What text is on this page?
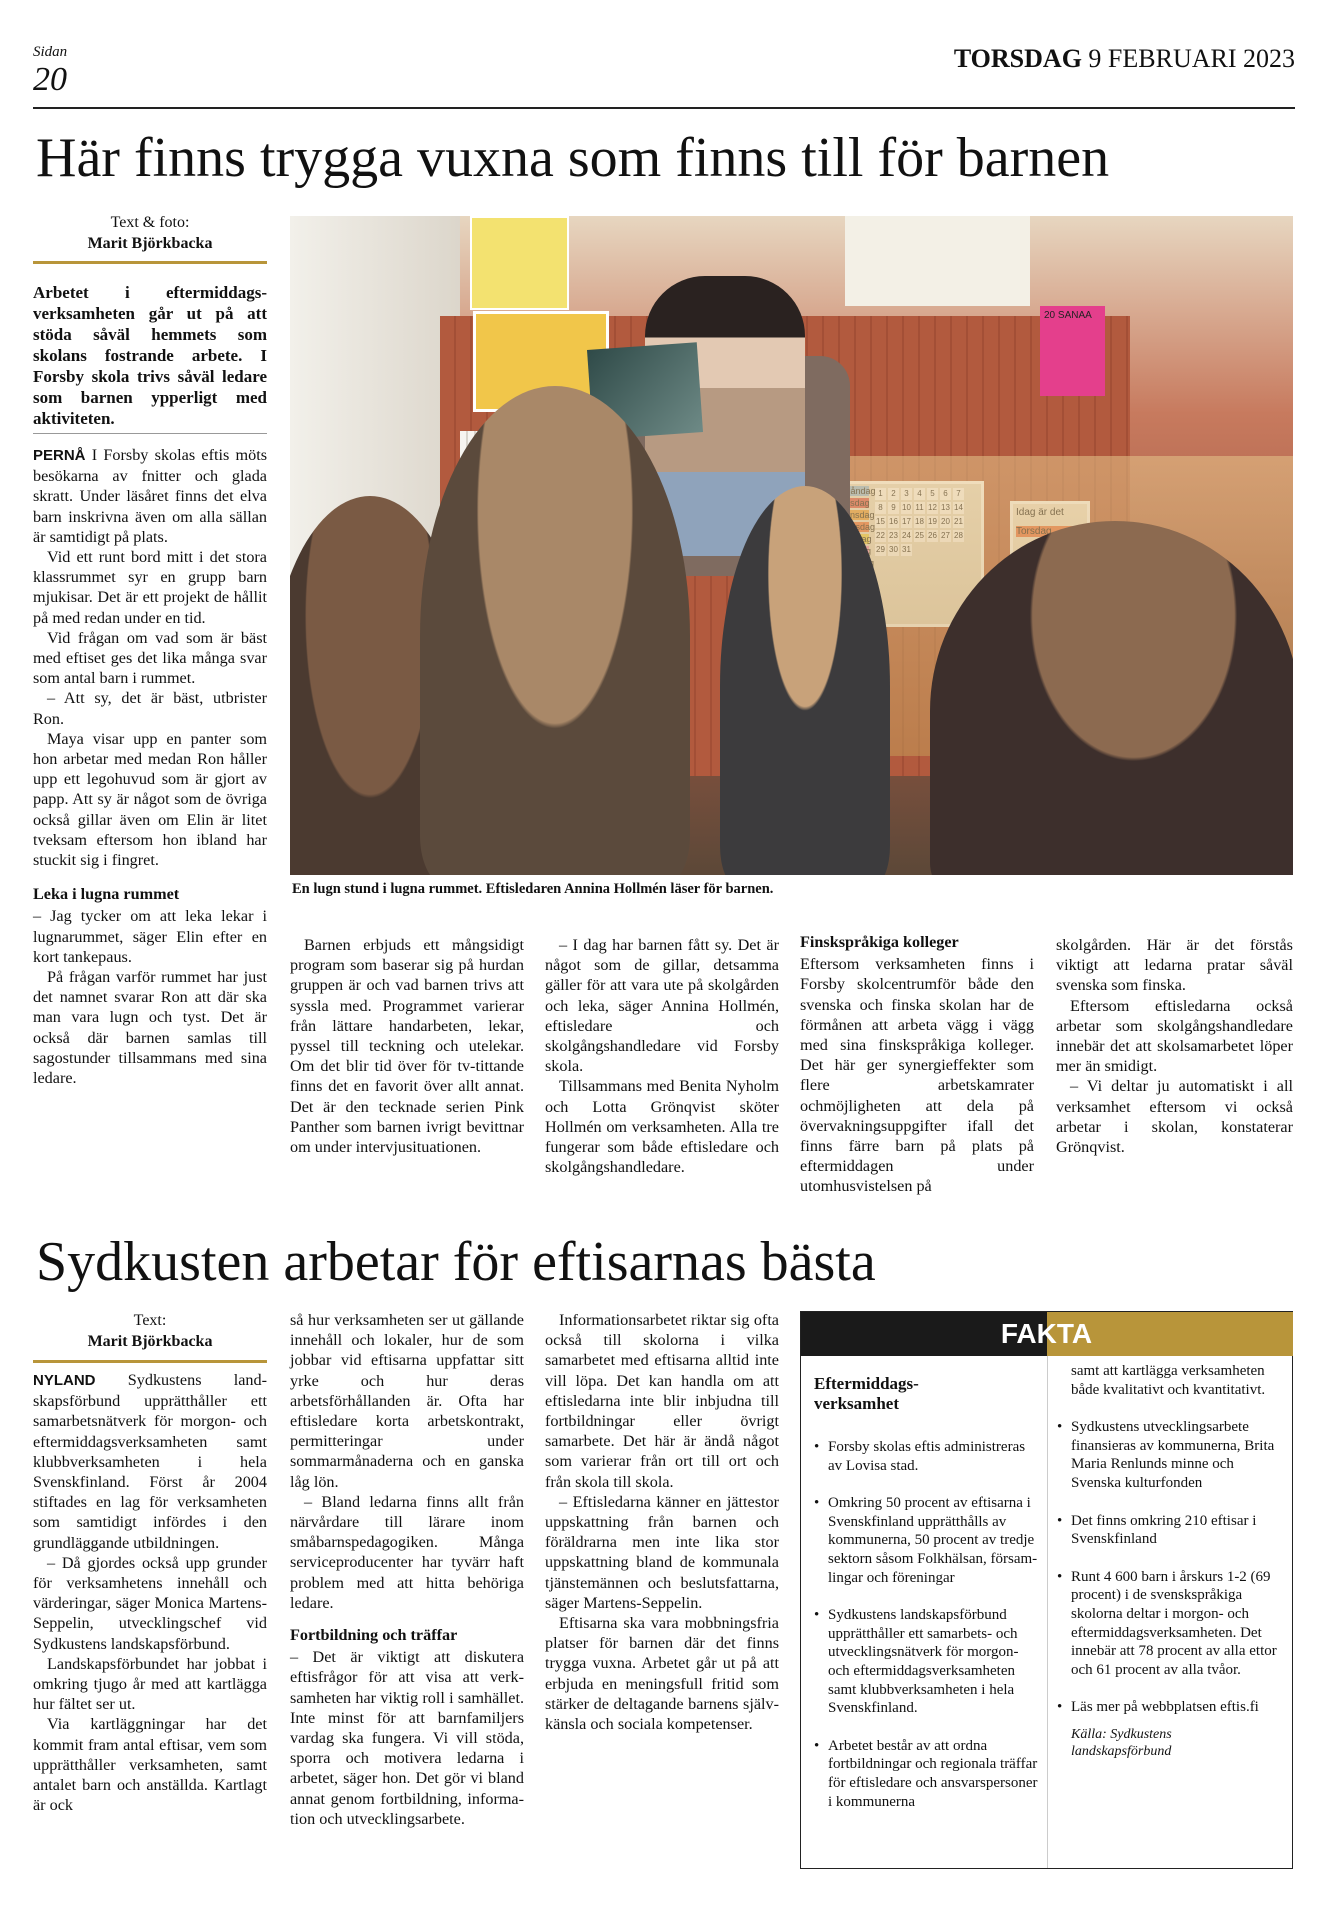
Sidan
20
TORSDAG 9 FEBRUARI 2023
Här finns trygga vuxna som finns till för barnen
Text & foto:
Marit Björkbacka
Arbetet i eftermiddagsverksamheten går ut på att stöda såväl hemmets som skolans fostrande arbete. I Forsby skola trivs såväl ledare som barnen ypperligt med aktiviteten.
20 SANAA
En lugn stund i lugna rummet. Eftisledaren Annina Hollmén läser för barnen.

PERNÅ I Forsby skolas eftis möts besökarna av fnitter och glada skratt. Under läsåret finns det elva barn inskrivna även om alla sällan är samtidigt på plats.

Vid ett runt bord mitt i det stora klassrummet syr en grupp barn mjukisar. Det är ett projekt de hållit på med redan under en tid.

Vid frågan om vad som är bäst med eftiset ges det lika många svar som antal barn i rummet.

– Att sy, det är bäst, utbrister Ron.

Maya visar upp en panter som hon arbetar med medan Ron håller upp ett legohuvud som är gjort av papp. Att sy är något som de övriga också gillar även om Elin är litet tveksam eftersom hon ibland har stuckit sig i fingret.

Leka i lugna rummet

– Jag tycker om att leka lekar i lugnarummet, säger Elin efter en kort tankepaus.

På frågan varför rummet har just det namnet svarar Ron att där ska man vara lugn och tyst. Det är också där barnen samlas till sagostunder tillsammans med sina ledare.

Barnen erbjuds ett mångsidigt program som baserar sig på hurdan gruppen är och vad barnen trivs att syssla med. Programmet varierar från lättare handarbeten, lekar, pyssel till teckning och utelekar. Om det blir tid över för tv-tittande finns det en favorit över allt annat. Det är den tecknade serien Pink Panther som barnen ivrigt bevittnar om under intervjusituationen.

– I dag har barnen fått sy. Det är något som de gillar, detsamma gäller för att vara ute på skolgården och leka, säger Annina Hollmén, eftisledare och skolgångshandledare vid Forsby skola.

Tillsammans med Benita Nyholm och Lotta Grönqvist sköter Hollmén om verksamheten. Alla tre fungerar som både eftisledare och skolgångshandledare.

Finskspråkiga kolleger

Eftersom verksamheten finns i Forsby skolcentrumför både den svenska och finska skolan har de förmånen att arbeta vägg i vägg med sina finskspråkiga kolleger. Det här ger synergieffekter som flere arbetskamrater ochmöjligheten att dela på övervakningsuppgifter ifall det finns färre barn på plats på eftermiddagen under utomhusvistelsen på

skolgården. Här är det förstås viktigt att ledarna pratar såväl svenska som finska.

Eftersom eftisledarna också arbetar som skolgångshandledare innebär det att skolsamarbetet löper mer än smidigt.

– Vi deltar ju automatiskt i all verksamhet eftersom vi också arbetar i skolan, konstaterar Grönqvist.

Sydkusten arbetar för eftisarnas bästa
Text:
Marit Björkbacka

NYLAND Sydkustens landskapsförbund upprätthåller ett samarbetsnätverk för morgon- och eftermiddagsverksamheten samt klubbverksamheten i hela Svenskfinland. Först år 2004 stiftades en lag för verksamheten som samtidigt infördes i den grundläggande utbildningen.

– Då gjordes också upp grunder för verksamhetens innehåll och värderingar, säger Monica Martens-Seppelin, utvecklingschef vid Sydkustens landskapsförbund.

Landskapsförbundet har jobbat i omkring tjugo år med att kartlägga hur fältet ser ut.

Via kartläggningar har det kommit fram antal eftisar, vem som upprätthåller verksamheten, samt antalet barn och anställda. Kartlagt är ock

så hur verksamheten ser ut gällande innehåll och lokaler, hur de som jobbar vid eftisarna uppfattar sitt yrke och hur deras arbetsförhållanden är. Ofta har eftisledare korta arbetskontrakt, permitteringar under sommarmånaderna och en ganska låg lön.

– Bland ledarna finns allt från närvårdare till lärare inom småbarnspedagogiken. Många serviceproducenter har tyvärr haft problem med att hitta behöriga ledare.

Fortbildning och träffar

– Det är viktigt att diskutera eftisfrågor för att visa att verksamheten har viktig roll i samhället. Inte minst för att barnfamiljers vardag ska fungera. Vi vill stöda, sporra och motivera ledarna i arbetet, säger hon. Det gör vi bland annat genom fortbildning, information och utvecklingsarbete.

Informationsarbetet riktar sig ofta också till skolorna i vilka samarbetet med eftisarna alltid inte vill löpa. Det kan handla om att eftisledarna inte blir inbjudna till fortbildningar eller övrigt samarbete. Det här är ändå något som varierar från ort till ort och från skola till skola.

– Eftisledarna känner en jättestor uppskattning från barnen och föräldrarna men inte lika stor uppskattning bland de kommunala tjänstemännen och beslutsfattarna, säger Martens-Seppelin.

Eftisarna ska vara mobbningsfria platser för barnen där det finns trygga vuxna. Arbetet går ut på att erbjuda en meningsfull fritid som stärker de deltagande barnens självkänsla och sociala kompetenser.

FAKTA
Eftermiddagsverksamhet
• Forsby skolas eftis administreras av Lovisa stad.
• Omkring 50 procent av eftisarna i Svenskfinland upprätthålls av kommunerna, 50 procent av tredje sektorn såsom Folkhälsan, församlingar och föreningar
• Sydkustens landskapsförbund upprätthåller ett samarbets- och utvecklingsnätverk för morgon- och eftermiddagsverksamheten samt klubbverksamheten i hela Svenskfinland.
• Arbetet består av att ordna fortbildningar och regionala träffar för eftisledare och ansvarspersoner i kommunerna
samt att kartlägga verksamheten både kvalitativt och kvantitativt.
• Sydkustens utvecklingsarbete finansieras av kommunerna, Brita Maria Renlunds minne och Svenska kulturfonden
• Det finns omkring 210 eftisar i Svenskfinland
• Runt 4 600 barn i årskurs 1-2 (69 procent) i de svenskspråkiga skolorna deltar i morgon- och eftermiddagsverksamheten. Det innebär att 78 procent av alla ettor och 61 procent av alla tvåor.
• Läs mer på webbplatsen eftis.fi
Källa: Sydkustens landskapsförbund
